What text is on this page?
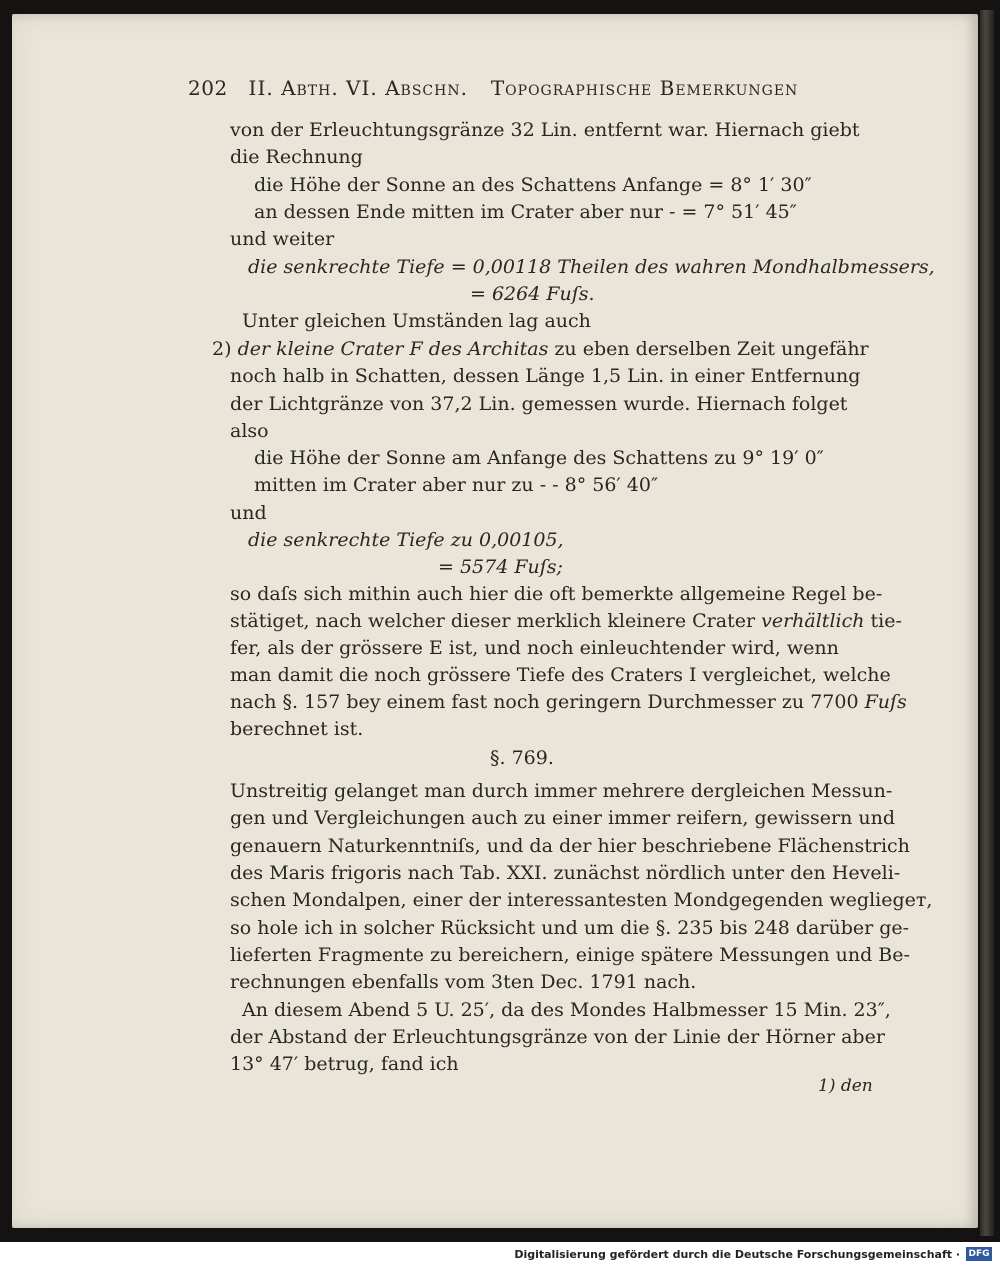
202 II. Abth. VI. Abschn. Topographische Bemerkungen
von der Erleuchtungsgränze 32 Lin. entfernt war. Hiernach giebt
die Rechnung
die Höhe der Sonne an des Schattens Anfange = 8° 1′ 30″
an dessen Ende mitten im Crater aber nur - = 7° 51′ 45″
und weiter
die senkrechte Tiefe = 0,00118 Theilen des wahren Mondhalbmessers,
= 6264 Fuſs.
Unter gleichen Umständen lag auch
2) der kleine Crater F des Architas zu eben derselben Zeit ungefähr
noch halb in Schatten, dessen Länge 1,5 Lin. in einer Entfernung
der Lichtgränze von 37,2 Lin. gemessen wurde. Hiernach folget
also
die Höhe der Sonne am Anfange des Schattens zu 9° 19′ 0″
mitten im Crater aber nur zu - - 8° 56′ 40″
und
die senkrechte Tiefe zu 0,00105,
= 5574 Fuſs;
so daſs sich mithin auch hier die oft bemerkte allgemeine Regel be-
stätiget, nach welcher dieser merklich kleinere Crater verhältlich tie-
fer, als der grössere E ist, und noch einleuchtender wird, wenn
man damit die noch grössere Tiefe des Craters I vergleichet, welche
nach §. 157 bey einem fast noch geringern Durchmesser zu 7700 Fuſs
berechnet ist.
§. 769.
Unstreitig gelanget man durch immer mehrere dergleichen Messun-
gen und Vergleichungen auch zu einer immer reifern, gewissern und
genauern Naturkenntniſs, und da der hier beschriebene Flächenstrich
des Maris frigoris nach Tab. XXI. zunächst nördlich unter den Heveli-
schen Mondalpen, einer der interessantesten Mondgegenden wegliegет,
so hole ich in solcher Rücksicht und um die §. 235 bis 248 darüber ge-
lieferten Fragmente zu bereichern, einige spätere Messungen und Be-
rechnungen ebenfalls vom 3ten Dec. 1791 nach.
An diesem Abend 5 U. 25′, da des Mondes Halbmesser 15 Min. 23″,
der Abstand der Erleuchtungsgränze von der Linie der Hörner aber
13° 47′ betrug, fand ich
1) den
Digitalisierung gefördert durch die Deutsche Forschungsgemeinschaft · DFG
